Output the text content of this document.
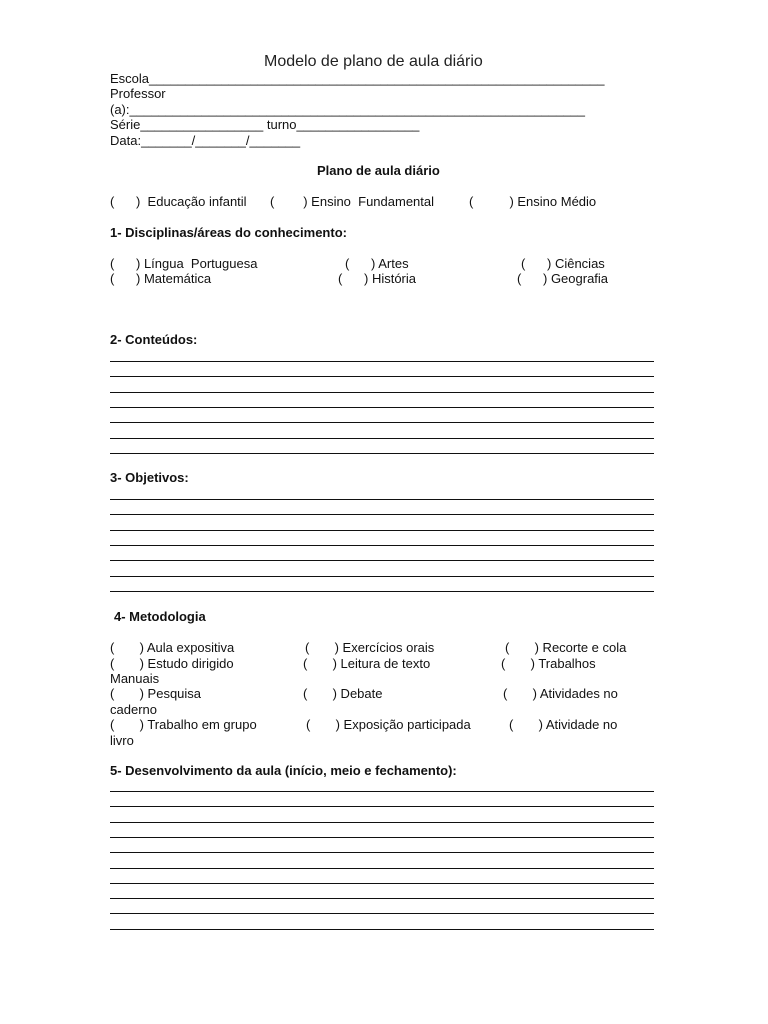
Modelo de plano de aula diário
Escola_______________________________________________________________
Professor
(a):_______________________________________________________________
Série_________________ turno_________________
Data:_______/_______/_______
Plano de aula diário
(      )  Educação infantil (        ) Ensino  Fundamental	(          ) Ensino Médio
1- Disciplinas/áreas do conhecimento:
(      ) Língua  Portuguesa	(      ) Artes	(      ) Ciências
(      ) Matemática	(      ) História	(      ) Geografia
2- Conteúdos:
3- Objetivos:
4- Metodologia
(       ) Aula expositiva	(       ) Exercícios orais	(       ) Recorte e cola
(       ) Estudo dirigido	(       ) Leitura de texto	(       ) Trabalhos
Manuais
(       ) Pesquisa	(       ) Debate	(       ) Atividades no
caderno
(       ) Trabalho em grupo	(       ) Exposição participada	(       ) Atividade no
livro
5- Desenvolvimento da aula (início, meio e fechamento):
